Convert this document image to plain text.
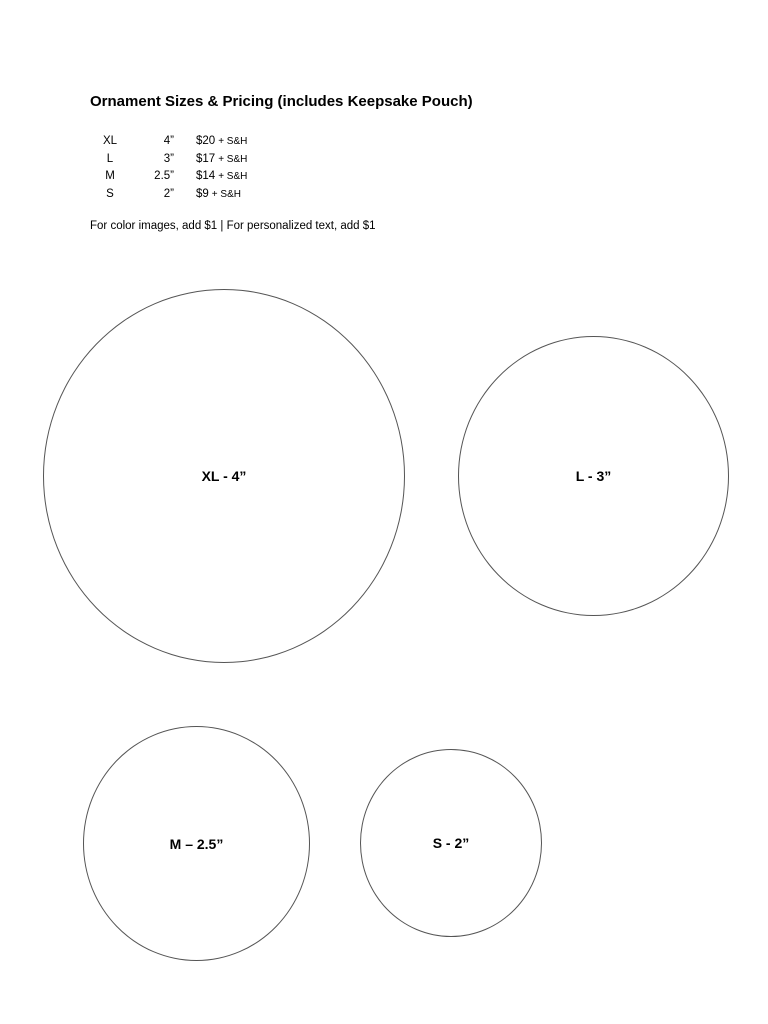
Ornament Sizes & Pricing (includes Keepsake Pouch)
XL	4” $20 + S&H
L	3” $17 + S&H
M	2.5” $14 + S&H
S	2” $9 + S&H
For color images, add $1 | For personalized text, add $1
XL - 4”	L - 3”
M – 2.5”	S - 2”
